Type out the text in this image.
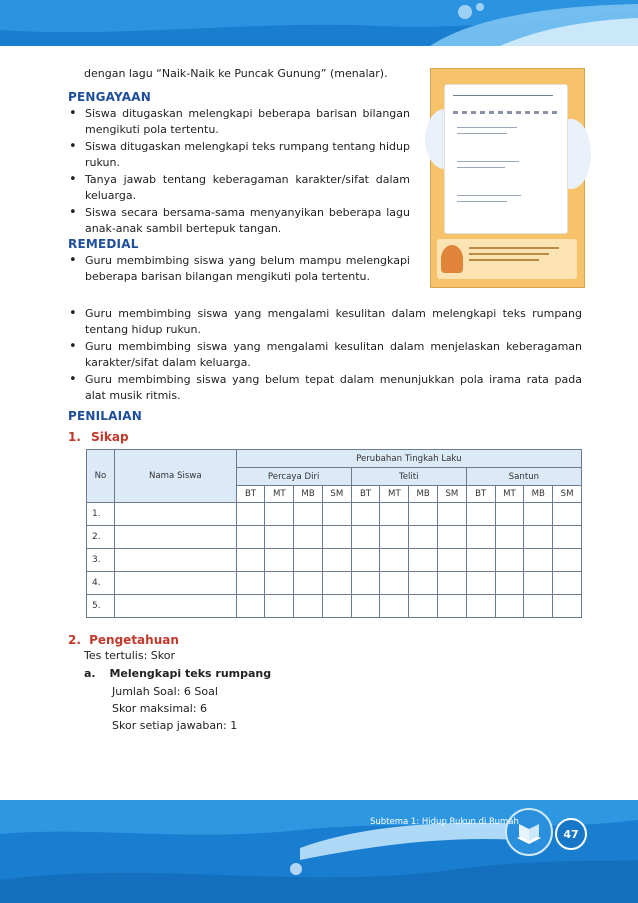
dengan lagu “Naik-Naik ke Puncak Gunung” (menalar).
PENGAYAAN
• Siswa ditugaskan melengkapi beberapa barisan bilangan mengikuti pola tertentu.
• Siswa ditugaskan melengkapi teks rumpang tentang hidup rukun.
• Tanya jawab tentang keberagaman karakter/sifat dalam keluarga.
• Siswa secara bersama-sama menyanyikan beberapa lagu anak-anak sambil bertepuk tangan.
REMEDIAL
• Guru membimbing siswa yang belum mampu melengkapi beberapa barisan bilangan mengikuti pola tertentu.
• Guru membimbing siswa yang mengalami kesulitan dalam melengkapi teks rumpang tentang hidup rukun.
• Guru membimbing siswa yang mengalami kesulitan dalam menjelaskan keberagaman karakter/sifat dalam keluarga.
• Guru membimbing siswa yang belum tepat dalam menunjukkan pola irama rata pada alat musik ritmis.
PENILAIAN
1. Sikap
No	Nama Siswa	Perubahan Tingkah Laku											
		Percaya Diri				Teliti				Santun			
		BT	MT	MB	SM	BT	MT	MB	SM	BT	MT	MB	SM
1.													
2.													
3.													
4.													
5.													
2. Pengetahuan
Tes tertulis: Skor
a. Melengkapi teks rumpang
Jumlah Soal: 6 Soal
Skor maksimal: 6
Skor setiap jawaban: 1
Subtema 1: Hidup Rukun di Rumah
47
